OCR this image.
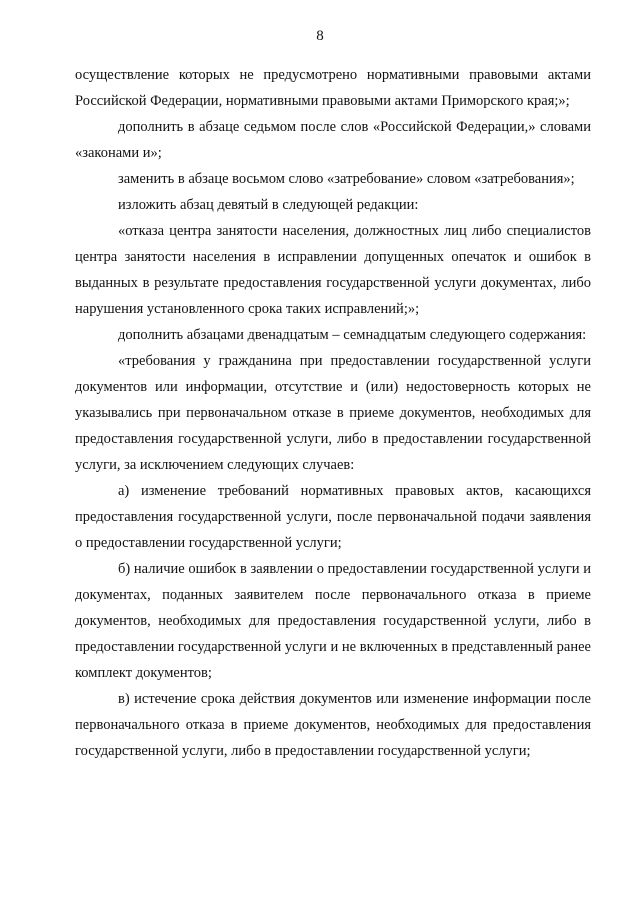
8

осуществление которых не предусмотрено нормативными правовыми актами Российской Федерации, нормативными правовыми актами Приморского края;»;

дополнить в абзаце седьмом после слов «Российской Федерации,» словами «законами и»;

заменить в абзаце восьмом слово «затребование» словом «затребования»;

изложить абзац девятый в следующей редакции:

«отказа центра занятости населения, должностных лиц либо специалистов центра занятости населения в исправлении допущенных опечаток и ошибок в выданных в результате предоставления государственной услуги документах, либо нарушения установленного срока таких исправлений;»;

дополнить абзацами двенадцатым – семнадцатым следующего содержания:

«требования у гражданина при предоставлении государственной услуги документов или информации, отсутствие и (или) недостоверность которых не указывались при первоначальном отказе в приеме документов, необходимых для предоставления государственной услуги, либо в предоставлении государственной услуги, за исключением следующих случаев:

а) изменение требований нормативных правовых актов, касающихся предоставления государственной услуги, после первоначальной подачи заявления о предоставлении государственной услуги;

б) наличие ошибок в заявлении о предоставлении государственной услуги и документах, поданных заявителем после первоначального отказа в приеме документов, необходимых для предоставления государственной услуги, либо в предоставлении государственной услуги и не включенных в представленный ранее комплект документов;

в) истечение срока действия документов или изменение информации после первоначального отказа в приеме документов, необходимых для предоставления государственной услуги, либо в предоставлении государственной услуги;
